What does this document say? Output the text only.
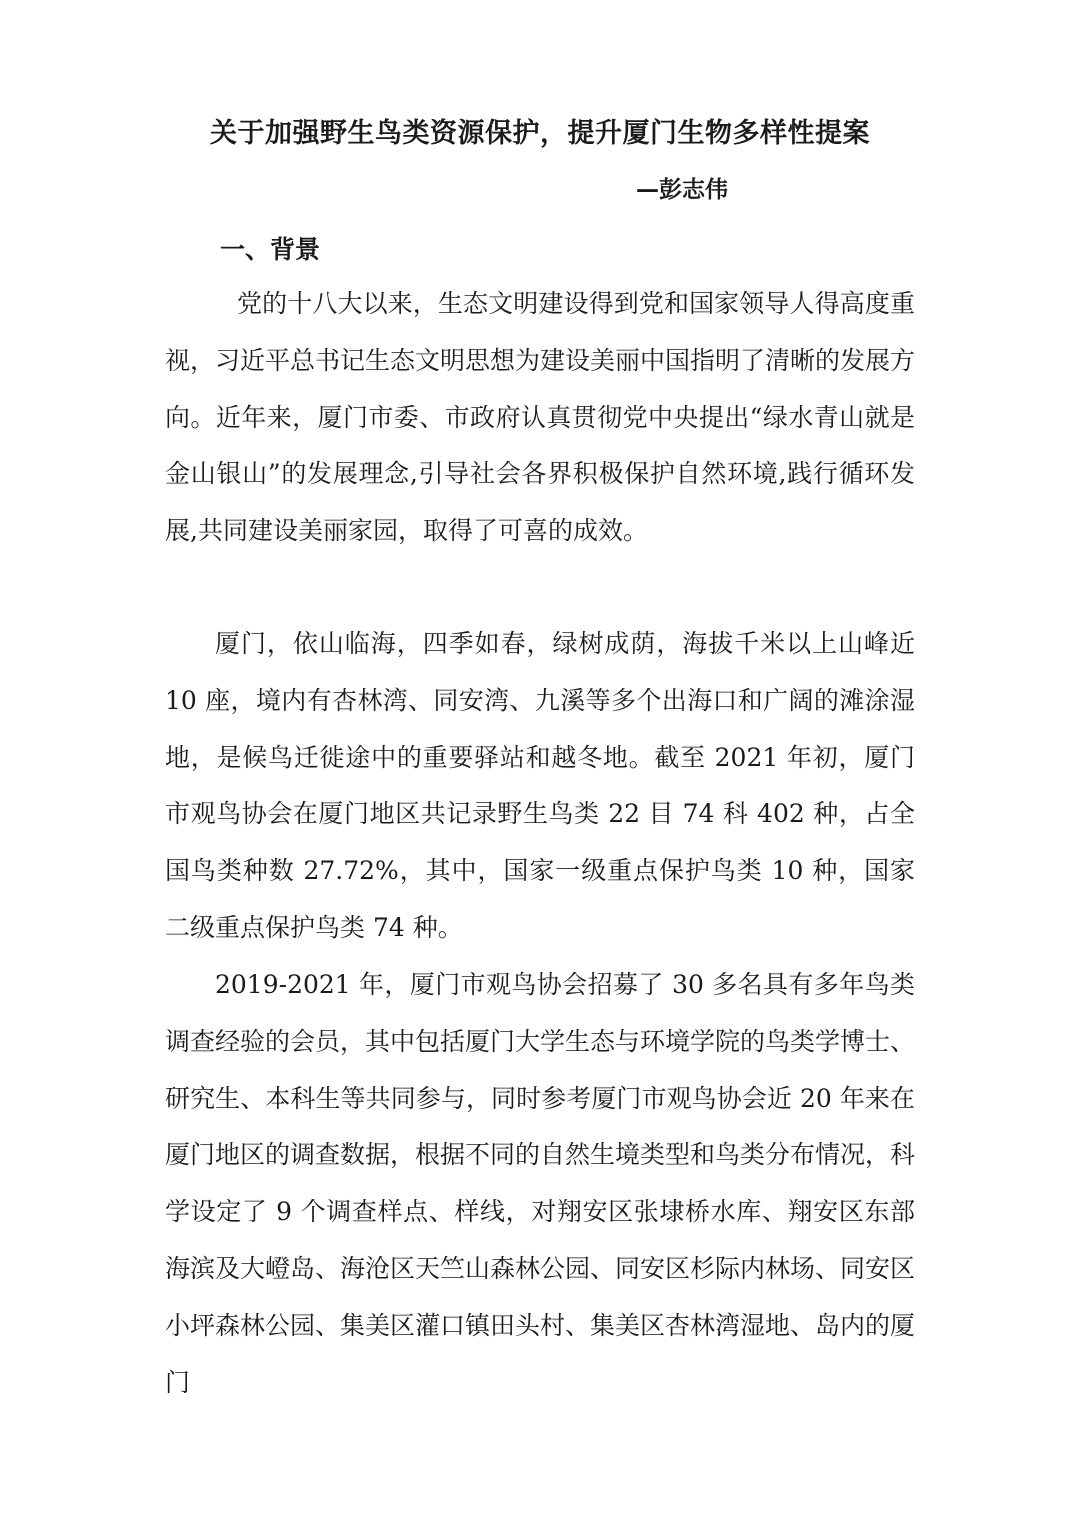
关于加强野生鸟类资源保护，提升厦门生物多样性提案
—彭志伟
一、背景

党的十八大以来，生态文明建设得到党和国家领导人得高度重视，习近平总书记生态文明思想为建设美丽中国指明了清晰的发展方向。近年来，厦门市委、市政府认真贯彻党中央提出“绿水青山就是金山银山”的发展理念,引导社会各界积极保护自然环境,践行循环发展,共同建设美丽家园，取得了可喜的成效。

厦门，依山临海，四季如春，绿树成荫，海拔千米以上山峰近 10 座，境内有杏林湾、同安湾、九溪等多个出海口和广阔的滩涂湿地，是候鸟迁徙途中的重要驿站和越冬地。截至 2021 年初，厦门市观鸟协会在厦门地区共记录野生鸟类 22 目 74 科 402 种，占全国鸟类种数 27.72%，其中，国家一级重点保护鸟类 10 种，国家二级重点保护鸟类 74 种。

2019-2021 年，厦门市观鸟协会招募了 30 多名具有多年鸟类调查经验的会员，其中包括厦门大学生态与环境学院的鸟类学博士、研究生、本科生等共同参与，同时参考厦门市观鸟协会近 20 年来在厦门地区的调查数据，根据不同的自然生境类型和鸟类分布情况，科学设定了 9 个调查样点、样线，对翔安区张埭桥水库、翔安区东部海滨及大嶝岛、海沧区天竺山森林公园、同安区杉际内林场、同安区小坪森林公园、集美区灌口镇田头村、集美区杏林湾湿地、岛内的厦门
